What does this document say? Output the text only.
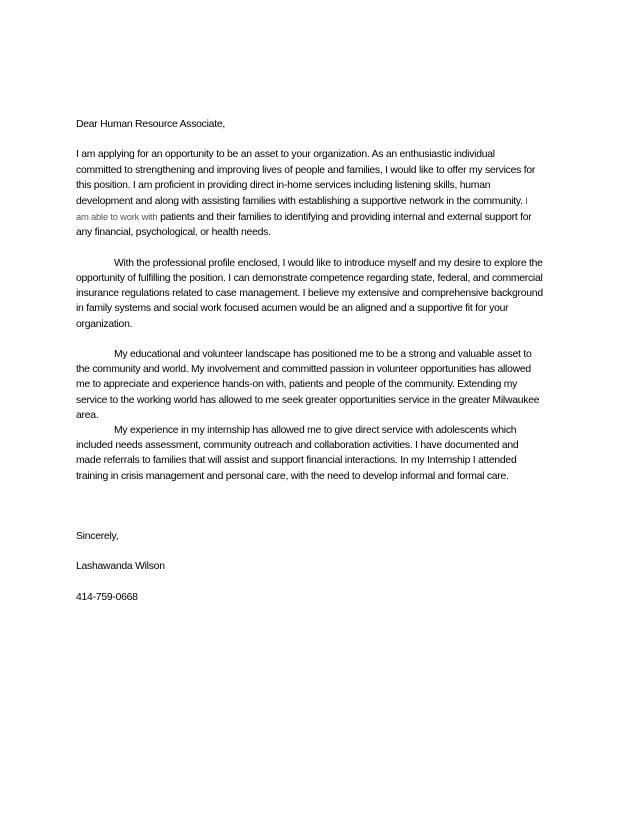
Dear Human Resource Associate,
I am applying for an opportunity to be an asset to your organization. As an enthusiastic individual
committed to strengthening and improving lives of people and families, I would like to offer my services for
this position. I am proficient in providing direct in-home services including listening skills, human
development and along with assisting families with establishing a supportive network in the community. I
am able to work with patients and their families to identifying and providing internal and external support for
any financial, psychological, or health needs.
With the professional profile enclosed, I would like to introduce myself and my desire to explore the
opportunity of fulfilling the position. I can demonstrate competence regarding state, federal, and commercial
insurance regulations related to case management. I believe my extensive and comprehensive background
in family systems and social work focused acumen would be an aligned and a supportive fit for your
organization.
My educational and volunteer landscape has positioned me to be a strong and valuable asset to
the community and world. My involvement and committed passion in volunteer opportunities has allowed
me to appreciate and experience hands-on with, patients and people of the community. Extending my
service to the working world has allowed to me seek greater opportunities service in the greater Milwaukee
area.
My experience in my internship has allowed me to give direct service with adolescents which
included needs assessment, community outreach and collaboration activities. I have documented and
made referrals to families that will assist and support financial interactions. In my Internship I attended
training in crisis management and personal care, with the need to develop informal and formal care.
Sincerely,
Lashawanda Wilson
414-759-0668
